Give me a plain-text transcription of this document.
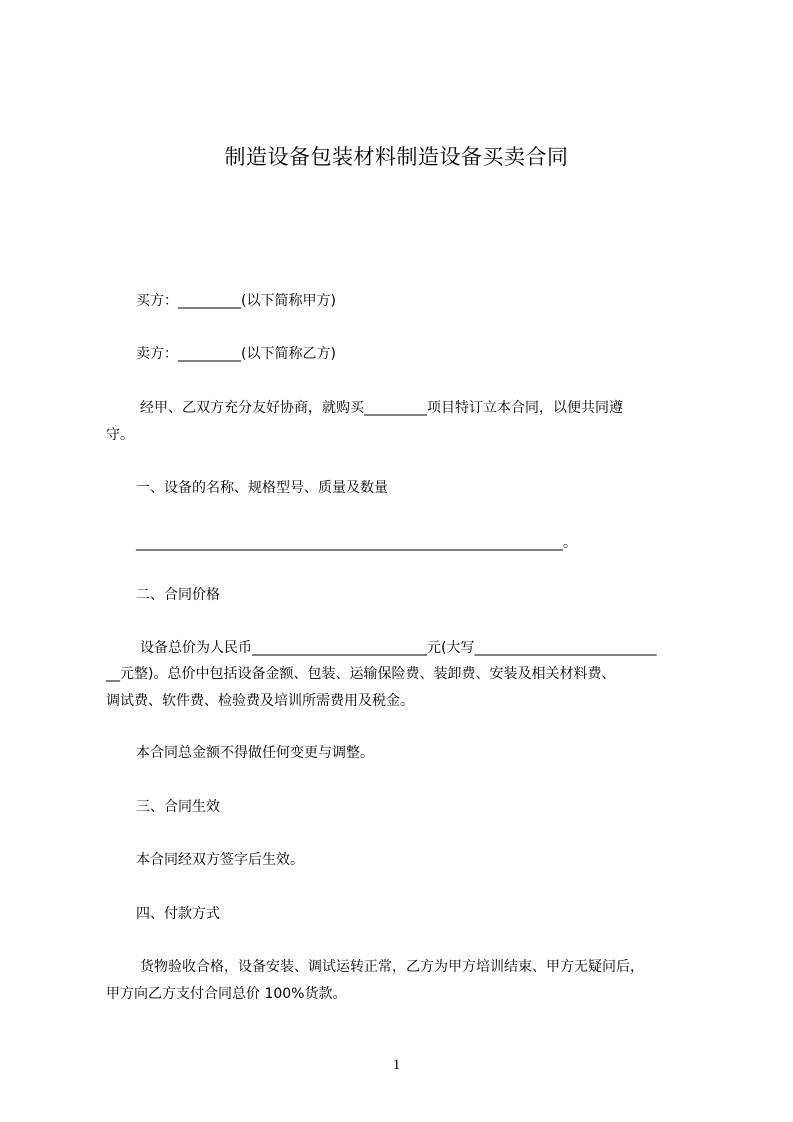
制造设备包装材料制造设备买卖合同
买方：_________(以下简称甲方)
卖方：_________(以下简称乙方)
经甲、乙双方充分友好协商，就购买_________项目特订立本合同，以便共同遵
守。
一、设备的名称、规格型号、质量及数量
_____________________________________________________________。
二、合同价格
设备总价为人民币_________________________元(大写__________________________
__元整)。总价中包括设备金额、包装、运输保险费、装卸费、安装及相关材料费、
调试费、软件费、检验费及培训所需费用及税金。
本合同总金额不得做任何变更与调整。
三、合同生效
本合同经双方签字后生效。
四、付款方式
货物验收合格，设备安装、调试运转正常，乙方为甲方培训结束、甲方无疑问后，
甲方向乙方支付合同总价 100%货款。
1
